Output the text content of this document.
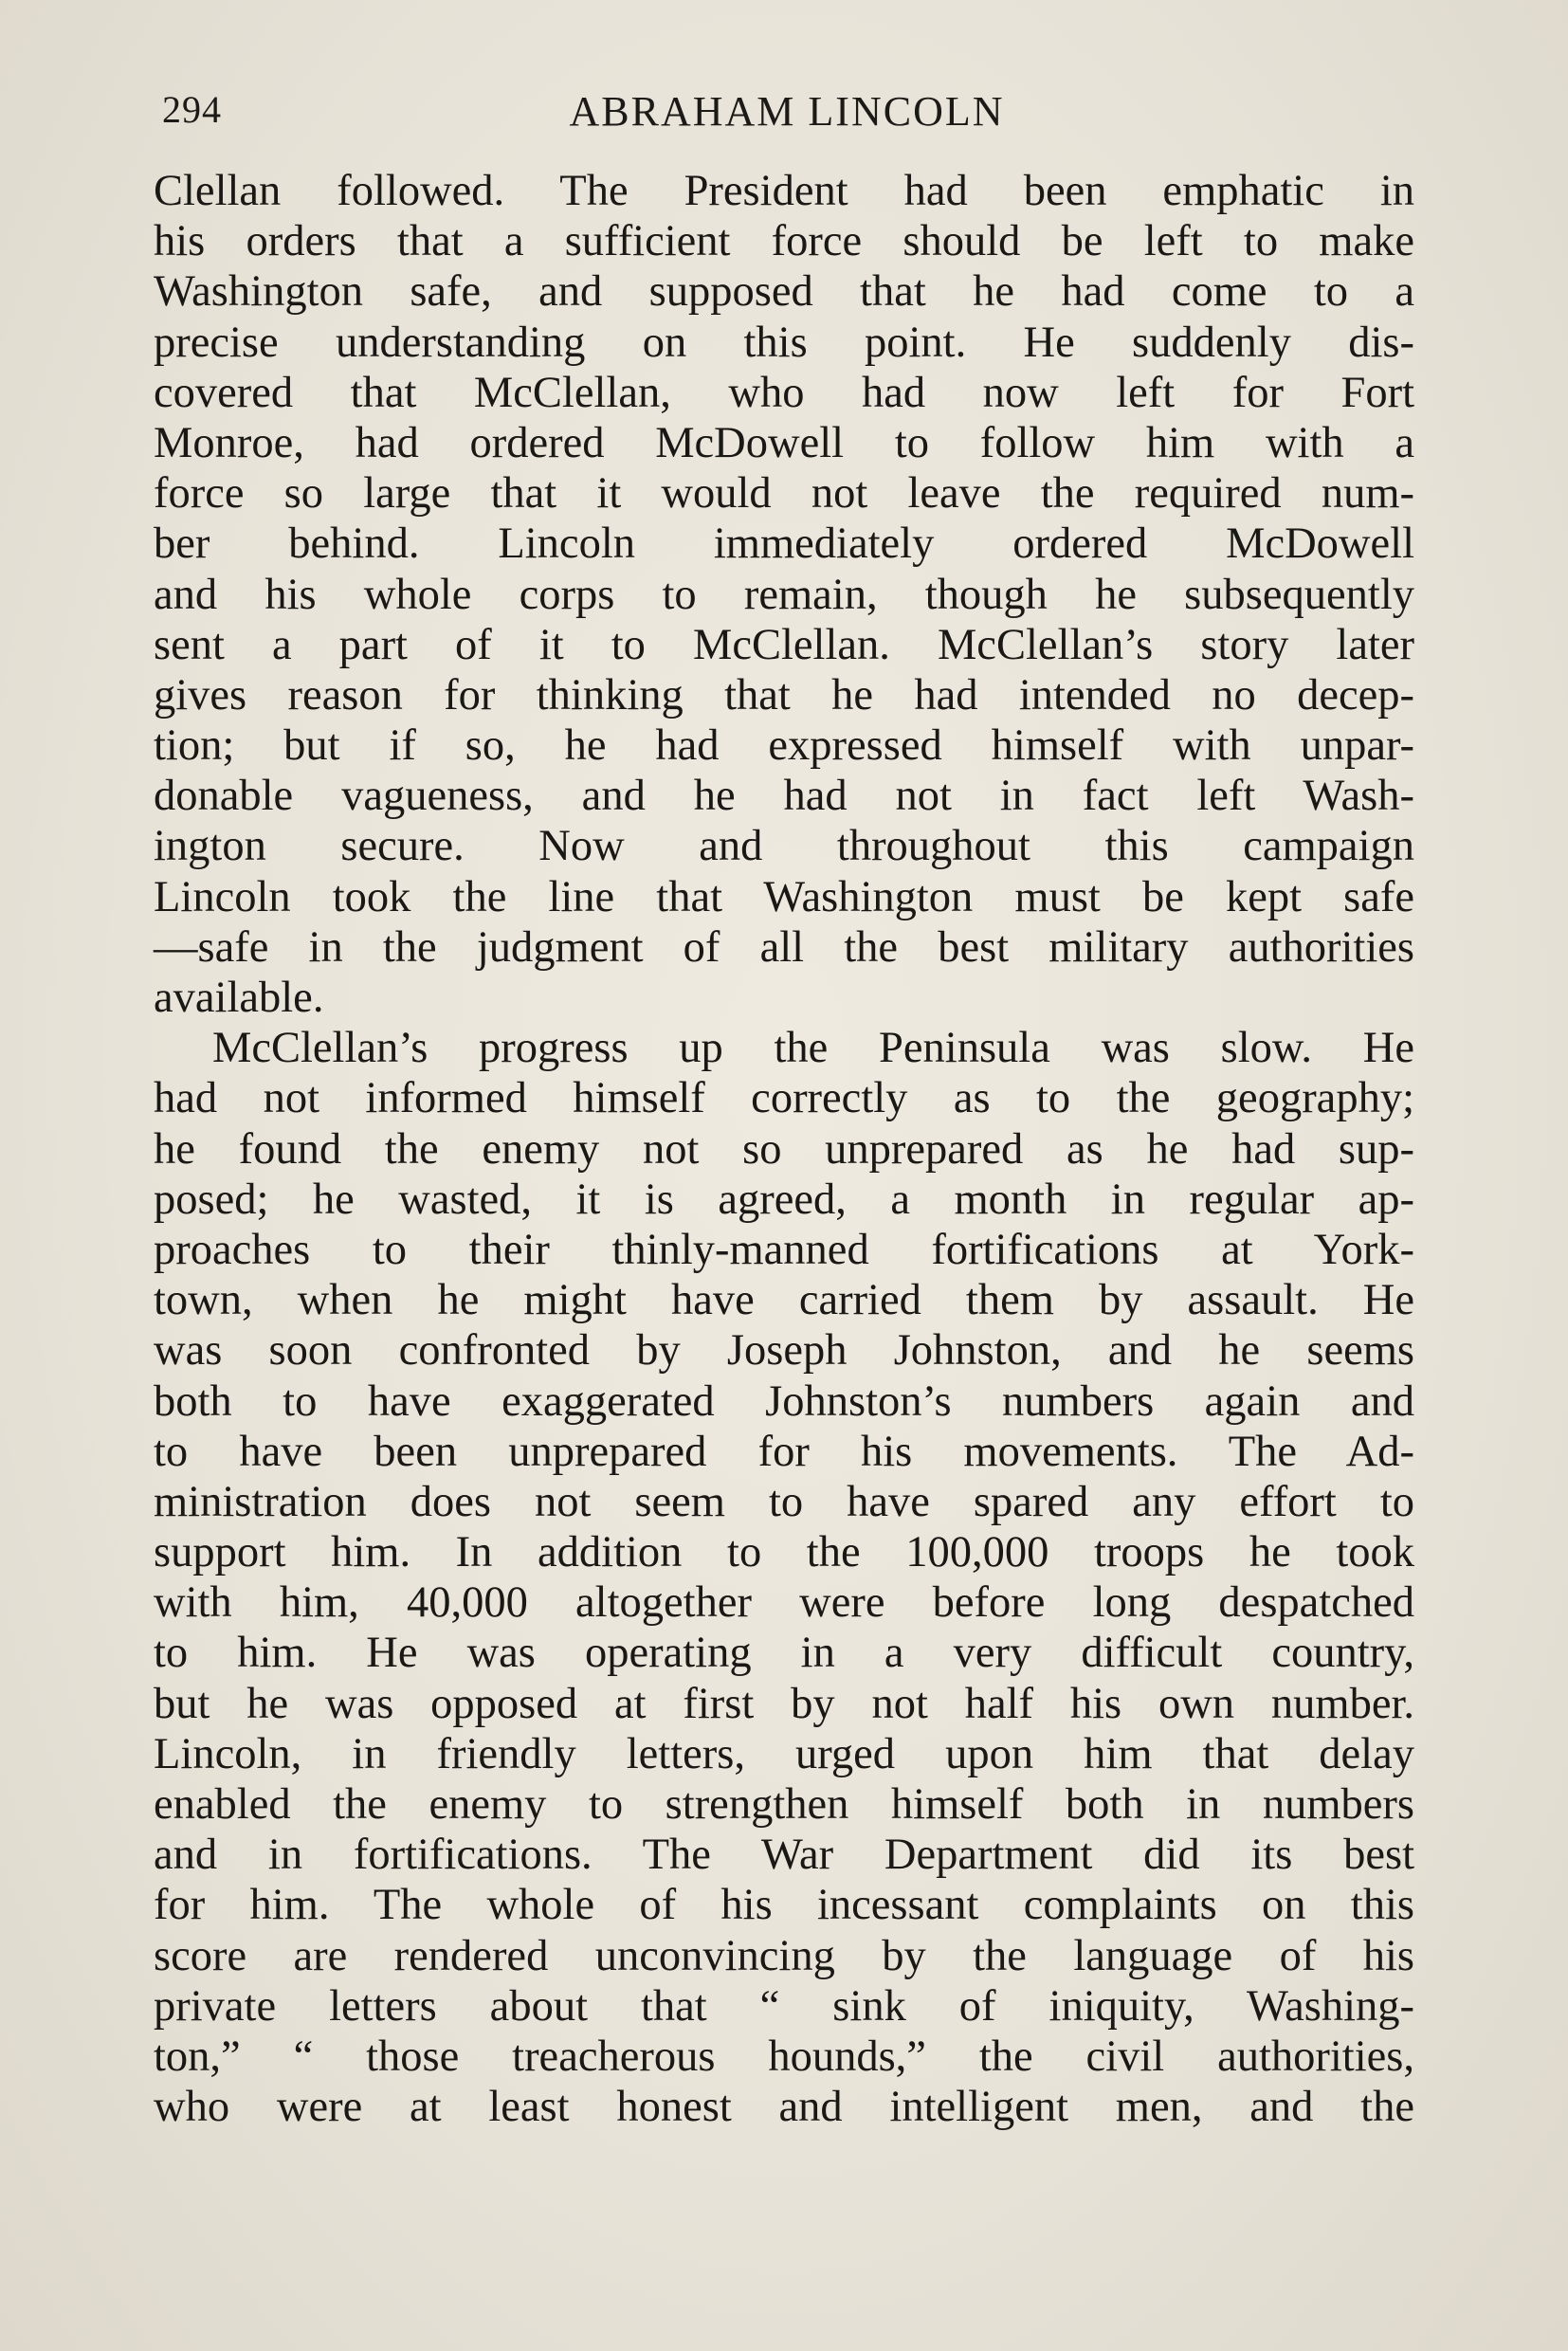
294	ABRAHAM LINCOLN
Clellan followed. The President had been emphatic in
his orders that a sufficient force should be left to make
Washington safe, and supposed that he had come to a
precise understanding on this point. He suddenly dis-
covered that McClellan, who had now left for Fort
Monroe, had ordered McDowell to follow him with a
force so large that it would not leave the required num-
ber behind. Lincoln immediately ordered McDowell
and his whole corps to remain, though he subsequently
sent a part of it to McClellan. McClellan’s story later
gives reason for thinking that he had intended no decep-
tion; but if so, he had expressed himself with unpar-
donable vagueness, and he had not in fact left Wash-
ington secure. Now and throughout this campaign
Lincoln took the line that Washington must be kept safe
—safe in the judgment of all the best military authorities
available.
McClellan’s progress up the Peninsula was slow. He
had not informed himself correctly as to the geography;
he found the enemy not so unprepared as he had sup-
posed; he wasted, it is agreed, a month in regular ap-
proaches to their thinly-manned fortifications at York-
town, when he might have carried them by assault. He
was soon confronted by Joseph Johnston, and he seems
both to have exaggerated Johnston’s numbers again and
to have been unprepared for his movements. The Ad-
ministration does not seem to have spared any effort to
support him. In addition to the 100,000 troops he took
with him, 40,000 altogether were before long despatched
to him. He was operating in a very difficult country,
but he was opposed at first by not half his own number.
Lincoln, in friendly letters, urged upon him that delay
enabled the enemy to strengthen himself both in numbers
and in fortifications. The War Department did its best
for him. The whole of his incessant complaints on this
score are rendered unconvincing by the language of his
private letters about that “ sink of iniquity, Washing-
ton,” “ those treacherous hounds,” the civil authorities,
who were at least honest and intelligent men, and the
